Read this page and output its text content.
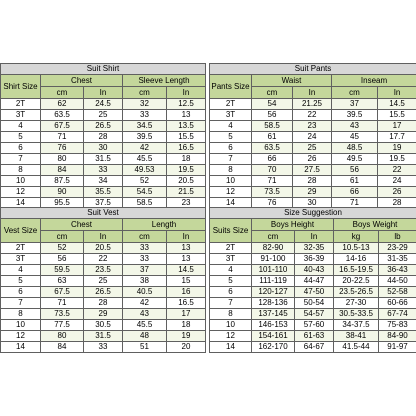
Suit Shirt				
Shirt Size	Chest		Sleeve Length	
	cm	In	cm	In
2T	62	24.5	32	12.5
3T	63.5	25	33	13
4	67.5	26.5	34.5	13.5
5	71	28	39.5	15.5
6	76	30	42	16.5
7	80	31.5	45.5	18
8	84	33	49.53	19.5
10	87.5	34	52	20.5
12	90	35.5	54.5	21.5
14	95.5	37.5	58.5	23
Suit Pants				
Pants Size	Waist		Inseam	
	cm	In	cm	In
2T	54	21.25	37	14.5
3T	56	22	39.5	15.5
4	58.5	23	43	17
5	61	24	45	17.7
6	63.5	25	48.5	19
7	66	26	49.5	19.5
8	70	27.5	56	22
10	71	28	61	24
12	73.5	29	66	26
14	76	30	71	28
Suit Vest				
Vest Size	Chest		Length	
	cm	In	cm	In
2T	52	20.5	33	13
3T	56	22	33	13
4	59.5	23.5	37	14.5
5	63	25	38	15
6	67.5	26.5	40.5	16
7	71	28	42	16.5
8	73.5	29	43	17
10	77.5	30.5	45.5	18
12	80	31.5	48	19
14	84	33	51	20
Size Suggestion				
Suits Size	Boys Height		Boys Weight	
	cm	In	kg	lb
2T	82-90	32-35	10.5-13	23-29
3T	91-100	36-39	14-16	31-35
4	101-110	40-43	16.5-19.5	36-43
5	111-119	44-47	20-22.5	44-50
6	120-127	47-50	23.5-26.5	52-58
7	128-136	50-54	27-30	60-66
8	137-145	54-57	30.5-33.5	67-74
10	146-153	57-60	34-37.5	75-83
12	154-161	61-63	38-41	84-90
14	162-170	64-67	41.5-44	91-97
